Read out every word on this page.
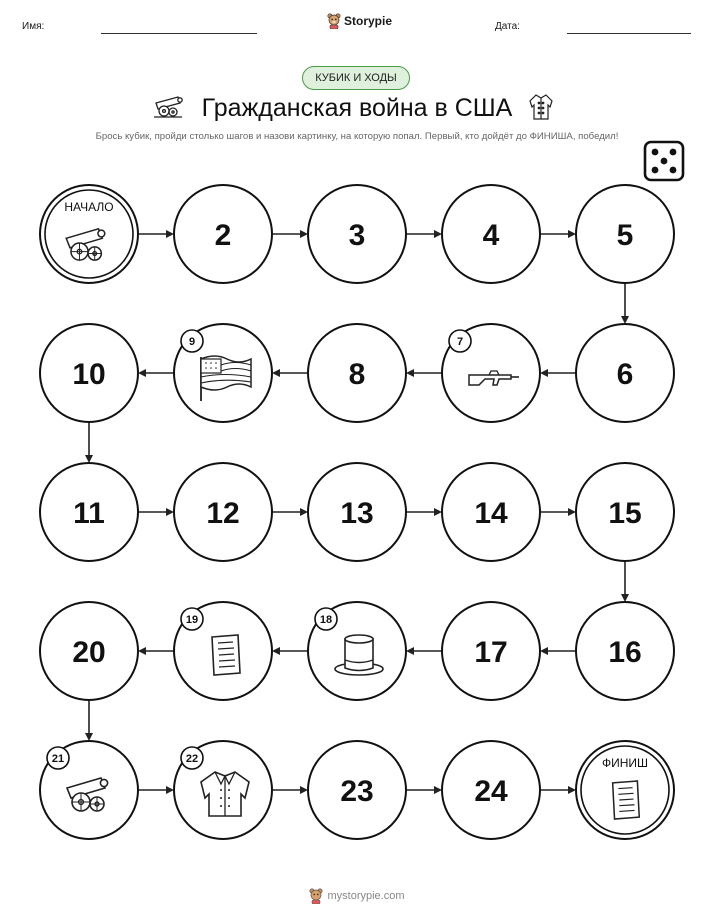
Имя:	Storypie	Дата:
КУБИК И ХОДЫ
Гражданская война в США
Брось кубик, пройди столько шагов и назови картинку, на которую попал. Первый, кто дойдёт до ФИНИША, победил!
НАЧАЛО
2	3	4	5
6
7
8
9
10
11	12	13	14	15
16
17
18
19
20
21	22
23	24
ФИНИШ
mystorypie.com
